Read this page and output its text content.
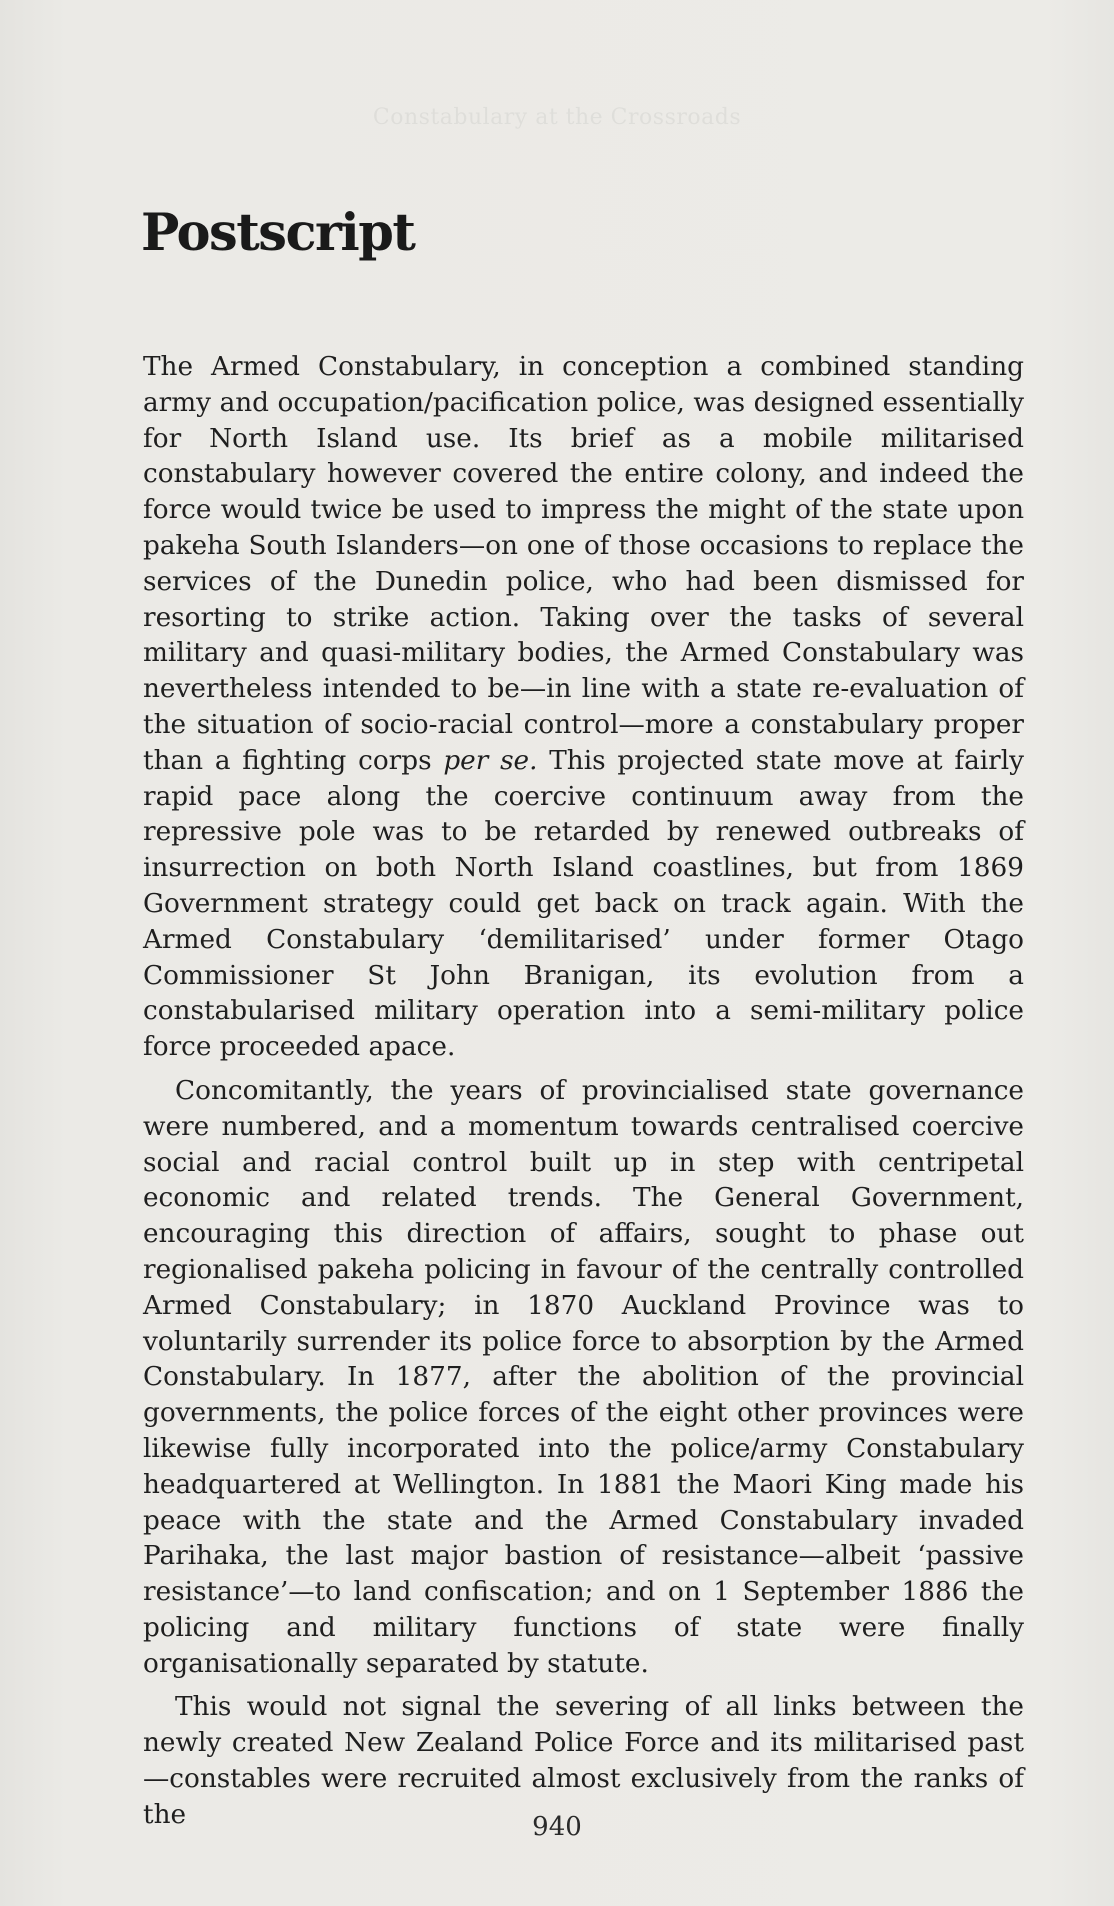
Constabulary at the Crossroads
Postscript

The Armed Constabulary, in conception a combined standing army and occupation/pacification police, was designed essentially for North Island use. Its brief as a mobile militarised constabulary however covered the entire colony, and indeed the force would twice be used to impress the might of the state upon pakeha South Islanders—on one of those occasions to replace the services of the Dunedin police, who had been dismissed for resorting to strike action. Taking over the tasks of several military and quasi-military bodies, the Armed Constabulary was nevertheless intended to be—in line with a state re-evaluation of the situation of socio-racial control—more a constabulary proper than a fighting corps per se. This projected state move at fairly rapid pace along the coercive continuum away from the repressive pole was to be retarded by renewed outbreaks of insurrection on both North Island coastlines, but from 1869 Government strategy could get back on track again. With the Armed Constabulary ‘demilitarised’ under former Otago Commissioner St John Branigan, its evolution from a constabularised military operation into a semi-military police force proceeded apace.

Concomitantly, the years of provincialised state governance were numbered, and a momentum towards centralised coercive social and racial control built up in step with centripetal economic and related trends. The General Government, encouraging this direction of affairs, sought to phase out regionalised pakeha policing in favour of the centrally controlled Armed Constabulary; in 1870 Auckland Province was to voluntarily surrender its police force to absorption by the Armed Constabulary. In 1877, after the abolition of the provincial governments, the police forces of the eight other provinces were likewise fully incorporated into the police/army Constabulary headquartered at Wellington. In 1881 the Maori King made his peace with the state and the Armed Constabulary invaded Parihaka, the last major bastion of resistance—albeit ‘passive resistance’—to land confiscation; and on 1 September 1886 the policing and military functions of state were finally organisationally separated by statute.

This would not signal the severing of all links between the newly created New Zealand Police Force and its militarised past—constables were recruited almost exclusively from the ranks of the	940
